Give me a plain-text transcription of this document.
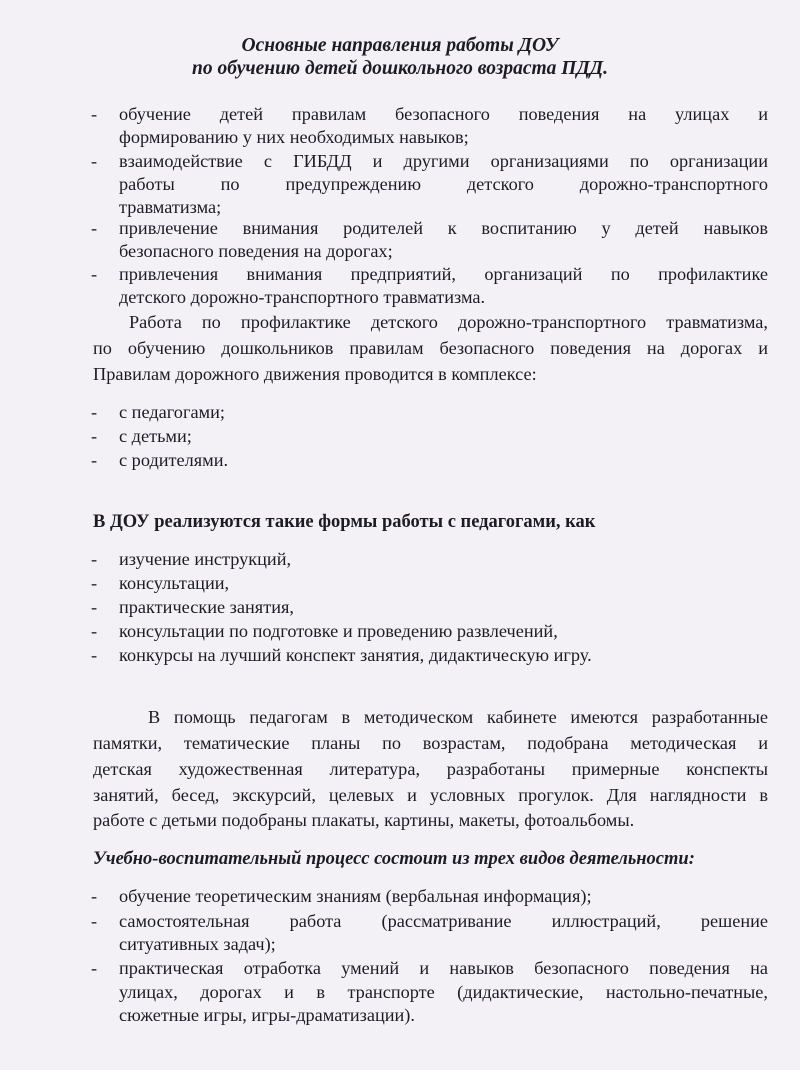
Основные направления работы ДОУ
по обучению детей дошкольного возраста ПДД.
- обучение детей правилам безопасного поведения на улицах и
формированию у них необходимых навыков;
- взаимодействие с ГИБДД и другими организациями по организации
работы по предупреждению детского дорожно-транспортного
травматизма;
- привлечение внимания родителей к воспитанию у детей навыков
безопасного поведения на дорогах;
- привлечения внимания предприятий, организаций по профилактике
детского дорожно-транспортного травматизма.
Работа по профилактике детского дорожно-транспортного травматизма,
по обучению дошкольников правилам безопасного поведения на дорогах и
Правилам дорожного движения проводится в комплексе:
- с педагогами;
- с детьми;
- с родителями.
В ДОУ реализуются такие формы работы с педагогами, как
- изучение инструкций,
- консультации,
- практические занятия,
- консультации по подготовке и проведению развлечений,
- конкурсы на лучший конспект занятия, дидактическую игру.
В помощь педагогам в методическом кабинете имеются разработанные
памятки, тематические планы по возрастам, подобрана методическая и
детская художественная литература, разработаны примерные конспекты
занятий, бесед, экскурсий, целевых и условных прогулок. Для наглядности в
работе с детьми подобраны плакаты, картины, макеты, фотоальбомы.
Учебно-воспитательный процесс состоит из трех видов деятельности:
- обучение теоретическим знаниям (вербальная информация);
- самостоятельная работа (рассматривание иллюстраций, решение
ситуативных задач);
- практическая отработка умений и навыков безопасного поведения на
улицах, дорогах и в транспорте (дидактические, настольно-печатные,
сюжетные игры, игры-драматизации).
